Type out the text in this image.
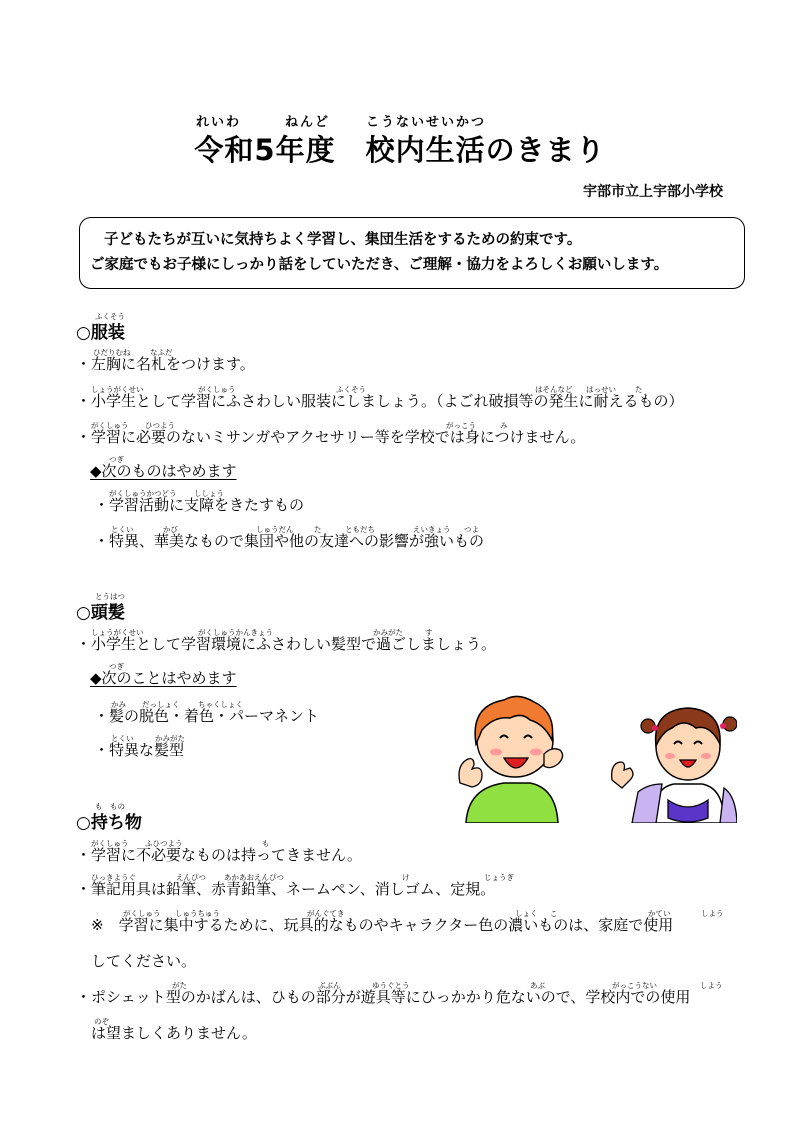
れいわ	ねんど	こうないせいかつ
令和5年度　校内生活のきまり
宇部市立上宇部小学校
子どもたちが互いに気持ちよく学習し、集団生活をするための約束です。
ご家庭でもお子様にしっかり話をしていただき、ご理解・協力をよろしくお願いします。
ふくそう
○服装
ひだりむね	なふだ
・左胸に名札をつけます。
しょうがくせい	がくしゅう	ふくそう	はそんなど はっせい	た
・小学生として学習にふさわしい服装にしましょう。（よごれ破損等の発生に耐えるもの）
がくしゅう ひつよう	がっこう	み
・学習に必要のないミサンガやアクセサリー等を学校では身につけません。
つぎ
◆次のものはやめます
がくしゅうかつどう ししょう
・学習活動に支障をきたすもの
とくい	かび	しゅうだん	た	ともだち	えいきょう つよ
・特異、華美なもので集団や他の友達への影響が強いもの
とうはつ
○頭髪
しょうがくせい	がくしゅうかんきょう	かみがた	す
・小学生として学習環境にふさわしい髪型で過ごしましょう。
つぎ
◆次のことはやめます
かみ だっしょく ちゃくしょく
・髪の脱色・着色・パーマネント
とくい	かみがた
・特異な髪型
も　もの
○持ち物
がくしゅう ふひつよう	も
・学習に不必要なものは持ってきません。
ひっきようぐ	えんぴつ あかあおえんぴつ	け	じょうぎ
・筆記用具は鉛筆、赤青鉛筆、ネームペン、消しゴム、定規。
がくしゅう しゅうちゅう	がんぐてき	しょく こ	かてい	しよう
※　学習に集中するために、玩具的なものやキャラクター色の濃いものは、家庭で使用
してください。
がた	ぶぶん	ゆうぐとう	あぶ	がっこうない	しよう
・ポシェット型のかばんは、ひもの部分が遊具等にひっかかり危ないので、学校内での使用
のぞ
は望ましくありません。
